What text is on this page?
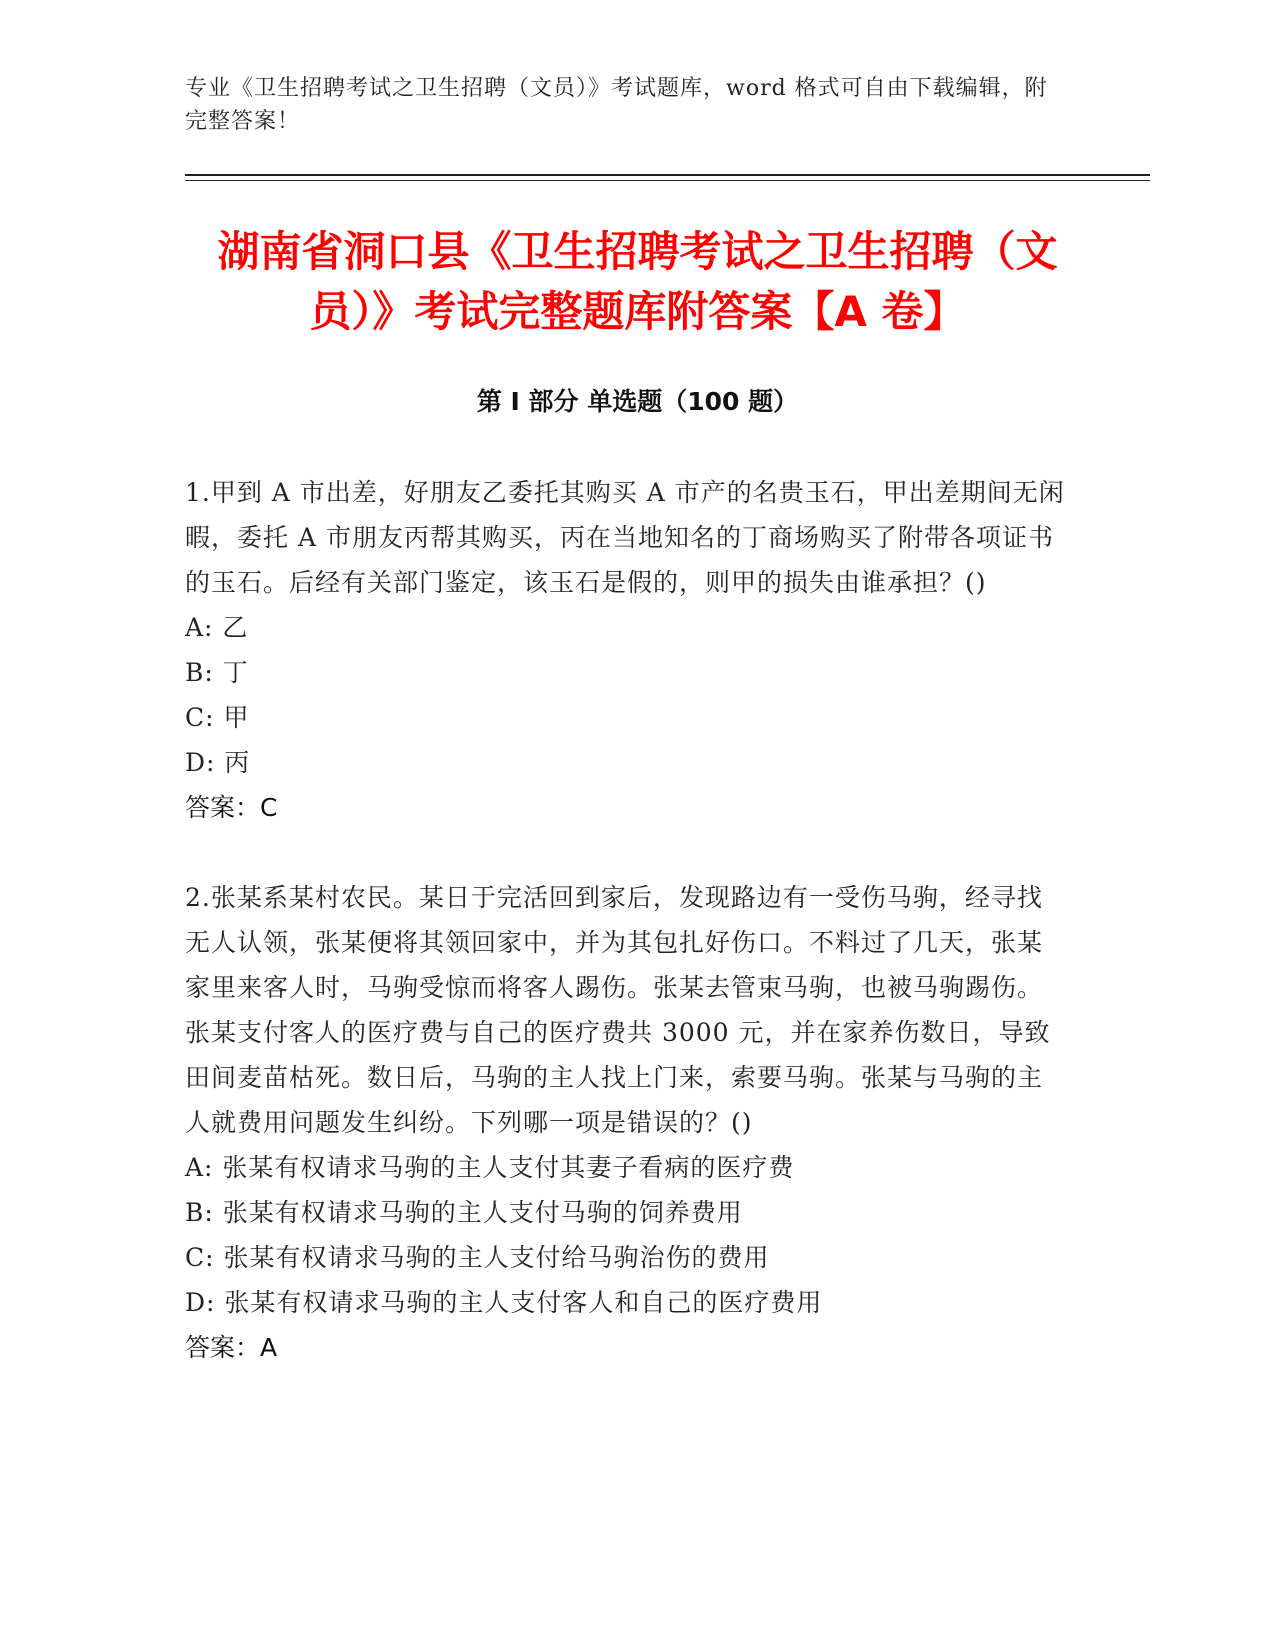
专业《卫生招聘考试之卫生招聘（文员）》考试题库，word 格式可自由下载编辑，附完整答案！
湖南省洞口县《卫生招聘考试之卫生招聘（文员）》考试完整题库附答案【A 卷】
第 I 部分 单选题（100 题）

1.甲到 A 市出差，好朋友乙委托其购买 A 市产的名贵玉石，甲出差期间无闲暇，委托 A 市朋友丙帮其购买，丙在当地知名的丁商场购买了附带各项证书的玉石。后经有关部门鉴定，该玉石是假的，则甲的损失由谁承担？()

A: 乙

B: 丁

C: 甲

D: 丙

答案：C

2.张某系某村农民。某日于完活回到家后，发现路边有一受伤马驹，经寻找无人认领，张某便将其领回家中，并为其包扎好伤口。不料过了几天，张某家里来客人时，马驹受惊而将客人踢伤。张某去管束马驹，也被马驹踢伤。张某支付客人的医疗费与自己的医疗费共 3000 元，并在家养伤数日，导致田间麦苗枯死。数日后，马驹的主人找上门来，索要马驹。张某与马驹的主人就费用问题发生纠纷。下列哪一项是错误的？()

A: 张某有权请求马驹的主人支付其妻子看病的医疗费

B: 张某有权请求马驹的主人支付马驹的饲养费用

C: 张某有权请求马驹的主人支付给马驹治伤的费用

D: 张某有权请求马驹的主人支付客人和自己的医疗费用

答案：A
